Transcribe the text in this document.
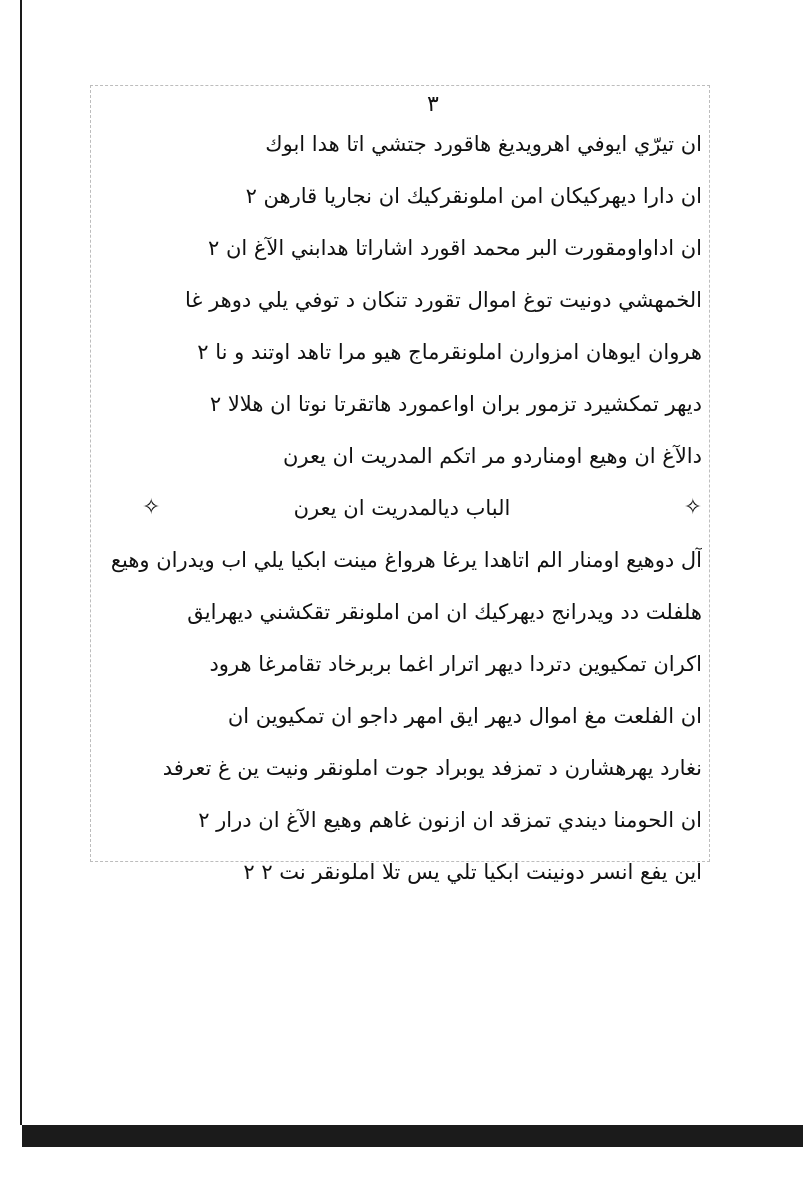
٣
ان تيرّي ايوفي اهرويديغ هاقورد جتشي اتا هدا ابوك
ان دارا ديهركيكان امن املونقركيك ان نجاريا قارهن ٢
ان اداواومقورت البر محمد اقورد اشاراتا هدابني الآغ ان ٢
الخمهشي دونيت توغ اموال تقورد تنكان د توفي يلي دوهر غا
هروان ايوهان امزوارن املونقرماج هيو مرا تاهد اوتند و نا ٢
ديهر تمكشيرد تزمور بران اواعمورد هاتقرتا نوتا ان هلالا ٢
دالآغ ان وهيع اومناردو مر اتكم المدريت ان يعرن
✧
الباب ديالمدريت ان يعرن
✧
آل دوهيع اومنار الم اتاهدا يرغا هرواغ مينت ابكيا يلي اب ويدران وهيع
هلفلت دد ويدرانج ديهركيك ان امن املونقر تقكشني ديهرايق
اكران تمكيوين دتردا ديهر اترار اغما بربرخاد تقامرغا هرود
ان الفلعت مغ اموال ديهر ايق امهر داجو ان تمكيوين ان
نغارد يهرهشارن د تمزفد يوبراد جوت املونقر ونيت ين غ تعرفد
ان الحومنا ديندي تمزقد ان ازنون غاهم وهيع الآغ ان درار ٢
اين يفع انسر دونينت ابكيا تلي يس تلا املونقر نت ٢ ٢
